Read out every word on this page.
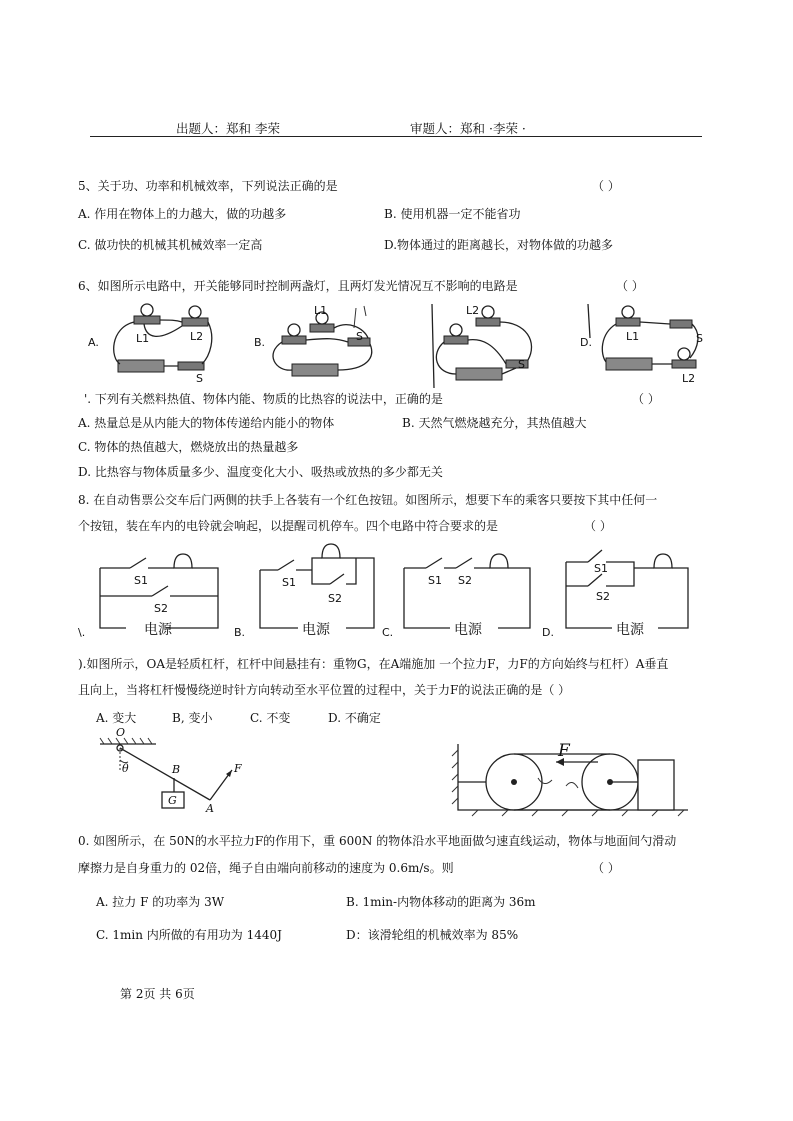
出题人：郑和 李荣	审题人：郑和 ·李荣 ·
5、关于功、功率和机械效率，下列说法正确的是	（ ）
A. 作用在物体上的力越大，做的功越多	B. 使用机器一定不能省功
C. 做功快的机械其机械效率一定高	D.物体通过的距离越长，对物体做的功越多
6、如图所示电路中，开关能够同时控制两盏灯，且两灯发光情况互不影响的电路是	（ ）
A.	L1	L2
S
B.
L1
S
L2
S
D.	L1	S
L2
'. 下列有关燃料热值、物体内能、物质的比热容的说法中，正确的是	（ ）
A. 热量总是从内能大的物体传递给内能小的物体	B. 天然气燃烧越充分，其热值越大
C. 物体的热值越大，燃烧放出的热量越多
D. 比热容与物体质量多少、温度变化大小、吸热或放热的多少都无关
8. 在自动售票公交车后门两侧的扶手上各装有一个红色按钮。如图所示，想要下车的乘客只要按下其中任何一
个按钮，装在车内的电铃就会响起，以提醒司机停车。四个电路中符合要求的是	（ ）
S1
S2
电源
\.
S1
S2
电源
B.
S1 S2
电源
C.
S1
S2
电源
D.
).如图所示，OA是轻质杠杆，杠杆中间悬挂有：重物G，在A端施加 一个拉力F，力F的方向始终与杠杆）A垂直
且向上，当将杠杆慢慢绕逆时针方向转动至水平位置的过程中，关于力F的说法正确的是（ ）
A. 变大	B, 变小	C. 不变	D. 不确定
O
θ	B
A
F
G
F
0. 如图所示，在 50N的水平拉力F的作用下，重 600N 的物体沿水平地面做匀速直线运动，物体与地面间勺滑动
摩擦力是自身重力的 02倍，绳子自由端向前移动的速度为 0.6m/s。则	（ ）
A. 拉力 F 的功率为 3W	B. 1min-内物体移动的距离为 36m
C. 1min 内所做的有用功为 1440J	D：该滑轮组的机械效率为 85%
第 2页 共 6页
